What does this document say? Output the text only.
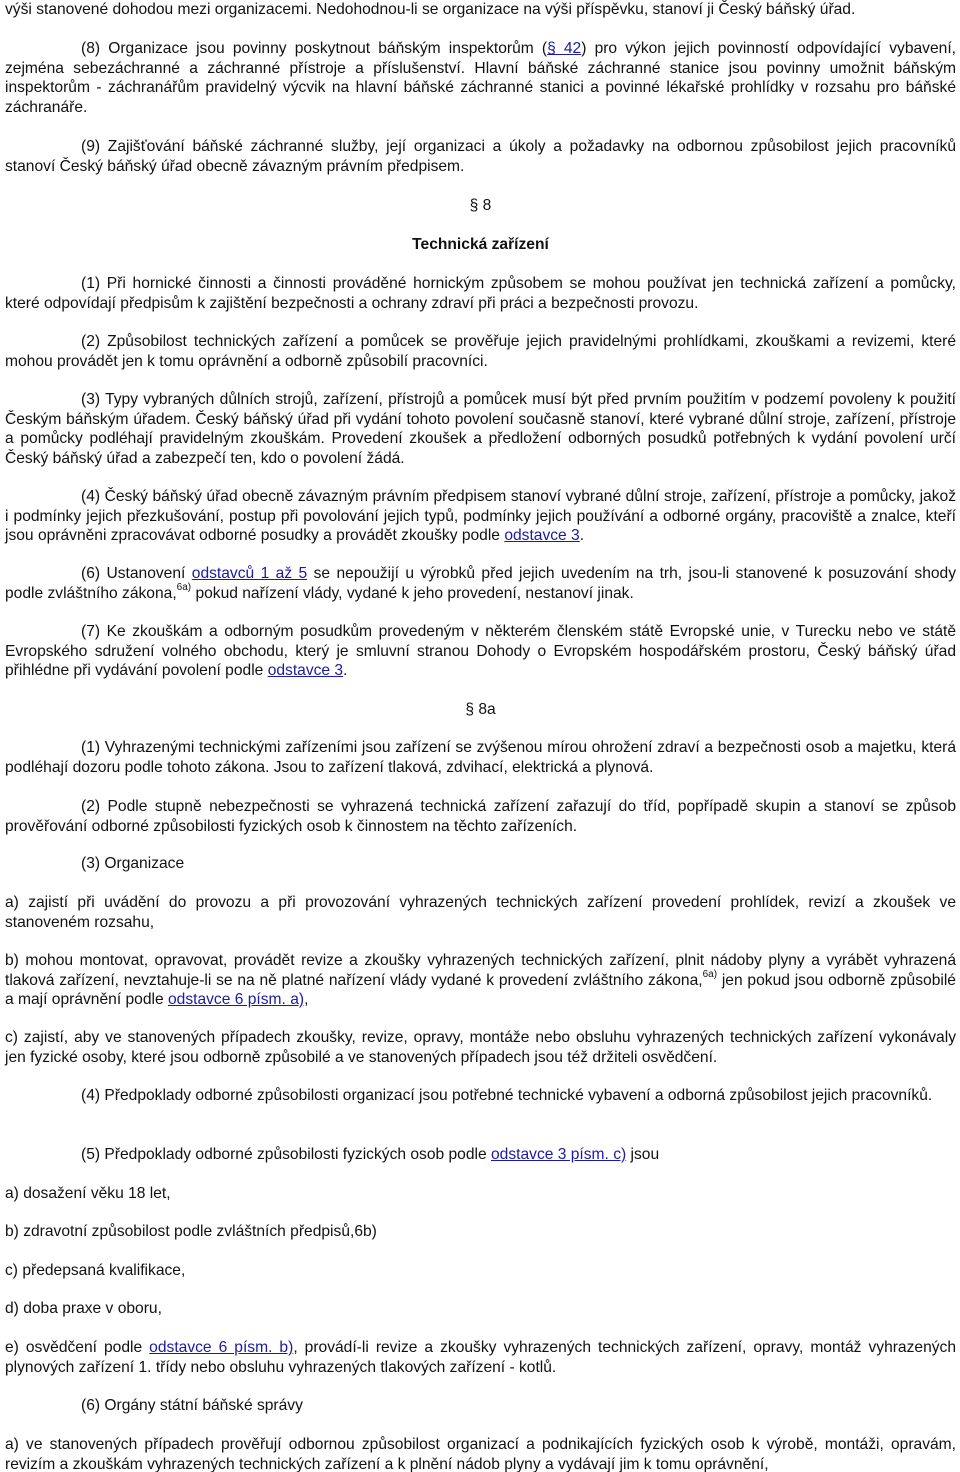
výši stanovené dohodou mezi organizacemi. Nedohodnou-li se organizace na výši příspěvku, stanoví ji Český báňský úřad.

(8) Organizace jsou povinny poskytnout báňským inspektorům (§ 42) pro výkon jejich povinností odpovídající vybavení, zejména sebezáchranné a záchranné přístroje a příslušenství. Hlavní báňské záchranné stanice jsou povinny umožnit báňským inspektorům - záchranářům pravidelný výcvik na hlavní báňské záchranné stanici a povinné lékařské prohlídky v rozsahu pro báňské záchranáře.

(9) Zajišťování báňské záchranné služby, její organizaci a úkoly a požadavky na odbornou způsobilost jejich pracovníků stanoví Český báňský úřad obecně závazným právním předpisem.

§ 8
Technická zařízení

(1) Při hornické činnosti a činnosti prováděné hornickým způsobem se mohou používat jen technická zařízení a pomůcky, které odpovídají předpisům k zajištění bezpečnosti a ochrany zdraví při práci a bezpečnosti provozu.

(2) Způsobilost technických zařízení a pomůcek se prověřuje jejich pravidelnými prohlídkami, zkouškami a revizemi, které mohou provádět jen k tomu oprávnění a odborně způsobilí pracovníci.

(3) Typy vybraných důlních strojů, zařízení, přístrojů a pomůcek musí být před prvním použitím v podzemí povoleny k použití Českým báňským úřadem. Český báňský úřad při vydání tohoto povolení současně stanoví, které vybrané důlní stroje, zařízení, přístroje a pomůcky podléhají pravidelným zkouškám. Provedení zkoušek a předložení odborných posudků potřebných k vydání povolení určí Český báňský úřad a zabezpečí ten, kdo o povolení žádá.

(4) Český báňský úřad obecně závazným právním předpisem stanoví vybrané důlní stroje, zařízení, přístroje a pomůcky, jakož i podmínky jejich přezkušování, postup při povolování jejich typů, podmínky jejich používání a odborné orgány, pracoviště a znalce, kteří jsou oprávněni zpracovávat odborné posudky a provádět zkoušky podle odstavce 3.

(6) Ustanovení odstavců 1 až 5 se nepoužijí u výrobků před jejich uvedením na trh, jsou-li stanovené k posuzování shody podle zvláštního zákona,$^{6a)}$ pokud nařízení vlády, vydané k jeho provedení, nestanoví jinak.

(7) Ke zkouškám a odborným posudkům provedeným v některém členském státě Evropské unie, v Turecku nebo ve státě Evropského sdružení volného obchodu, který je smluvní stranou Dohody o Evropském hospodářském prostoru, Český báňský úřad přihlédne při vydávání povolení podle odstavce 3.

§ 8a

(1) Vyhrazenými technickými zařízeními jsou zařízení se zvýšenou mírou ohrožení zdraví a bezpečnosti osob a majetku, která podléhají dozoru podle tohoto zákona. Jsou to zařízení tlaková, zdvihací, elektrická a plynová.

(2) Podle stupně nebezpečnosti se vyhrazená technická zařízení zařazují do tříd, popřípadě skupin a stanoví se způsob prověřování odborné způsobilosti fyzických osob k činnostem na těchto zařízeních.

(3) Organizace

a) zajistí při uvádění do provozu a při provozování vyhrazených technických zařízení provedení prohlídek, revizí a zkoušek ve stanoveném rozsahu,

b) mohou montovat, opravovat, provádět revize a zkoušky vyhrazených technických zařízení, plnit nádoby plyny a vyrábět vyhrazená tlaková zařízení, nevztahuje-li se na ně platné nařízení vlády vydané k provedení zvláštního zákona,$^{6a)}$ jen pokud jsou odborně způsobilé a mají oprávnění podle odstavce 6 písm. a),

c) zajistí, aby ve stanovených případech zkoušky, revize, opravy, montáže nebo obsluhu vyhrazených technických zařízení vykonávaly jen fyzické osoby, které jsou odborně způsobilé a ve stanovených případech jsou též držiteli osvědčení.

(4) Předpoklady odborné způsobilosti organizací jsou potřebné technické vybavení a odborná způsobilost jejich pracovníků.

(5) Předpoklady odborné způsobilosti fyzických osob podle odstavce 3 písm. c) jsou

a) dosažení věku 18 let,

b) zdravotní způsobilost podle zvláštních předpisů,6b)

c) předepsaná kvalifikace,

d) doba praxe v oboru,

e) osvědčení podle odstavce 6 písm. b), provádí-li revize a zkoušky vyhrazených technických zařízení, opravy, montáž vyhrazených plynových zařízení 1. třídy nebo obsluhu vyhrazených tlakových zařízení - kotlů.

(6) Orgány státní báňské správy

a) ve stanovených případech prověřují odbornou způsobilost organizací a podnikajících fyzických osob k výrobě, montáži, opravám, revizím a zkouškám vyhrazených technických zařízení a k plnění nádob plyny a vydávají jim k tomu oprávnění,
